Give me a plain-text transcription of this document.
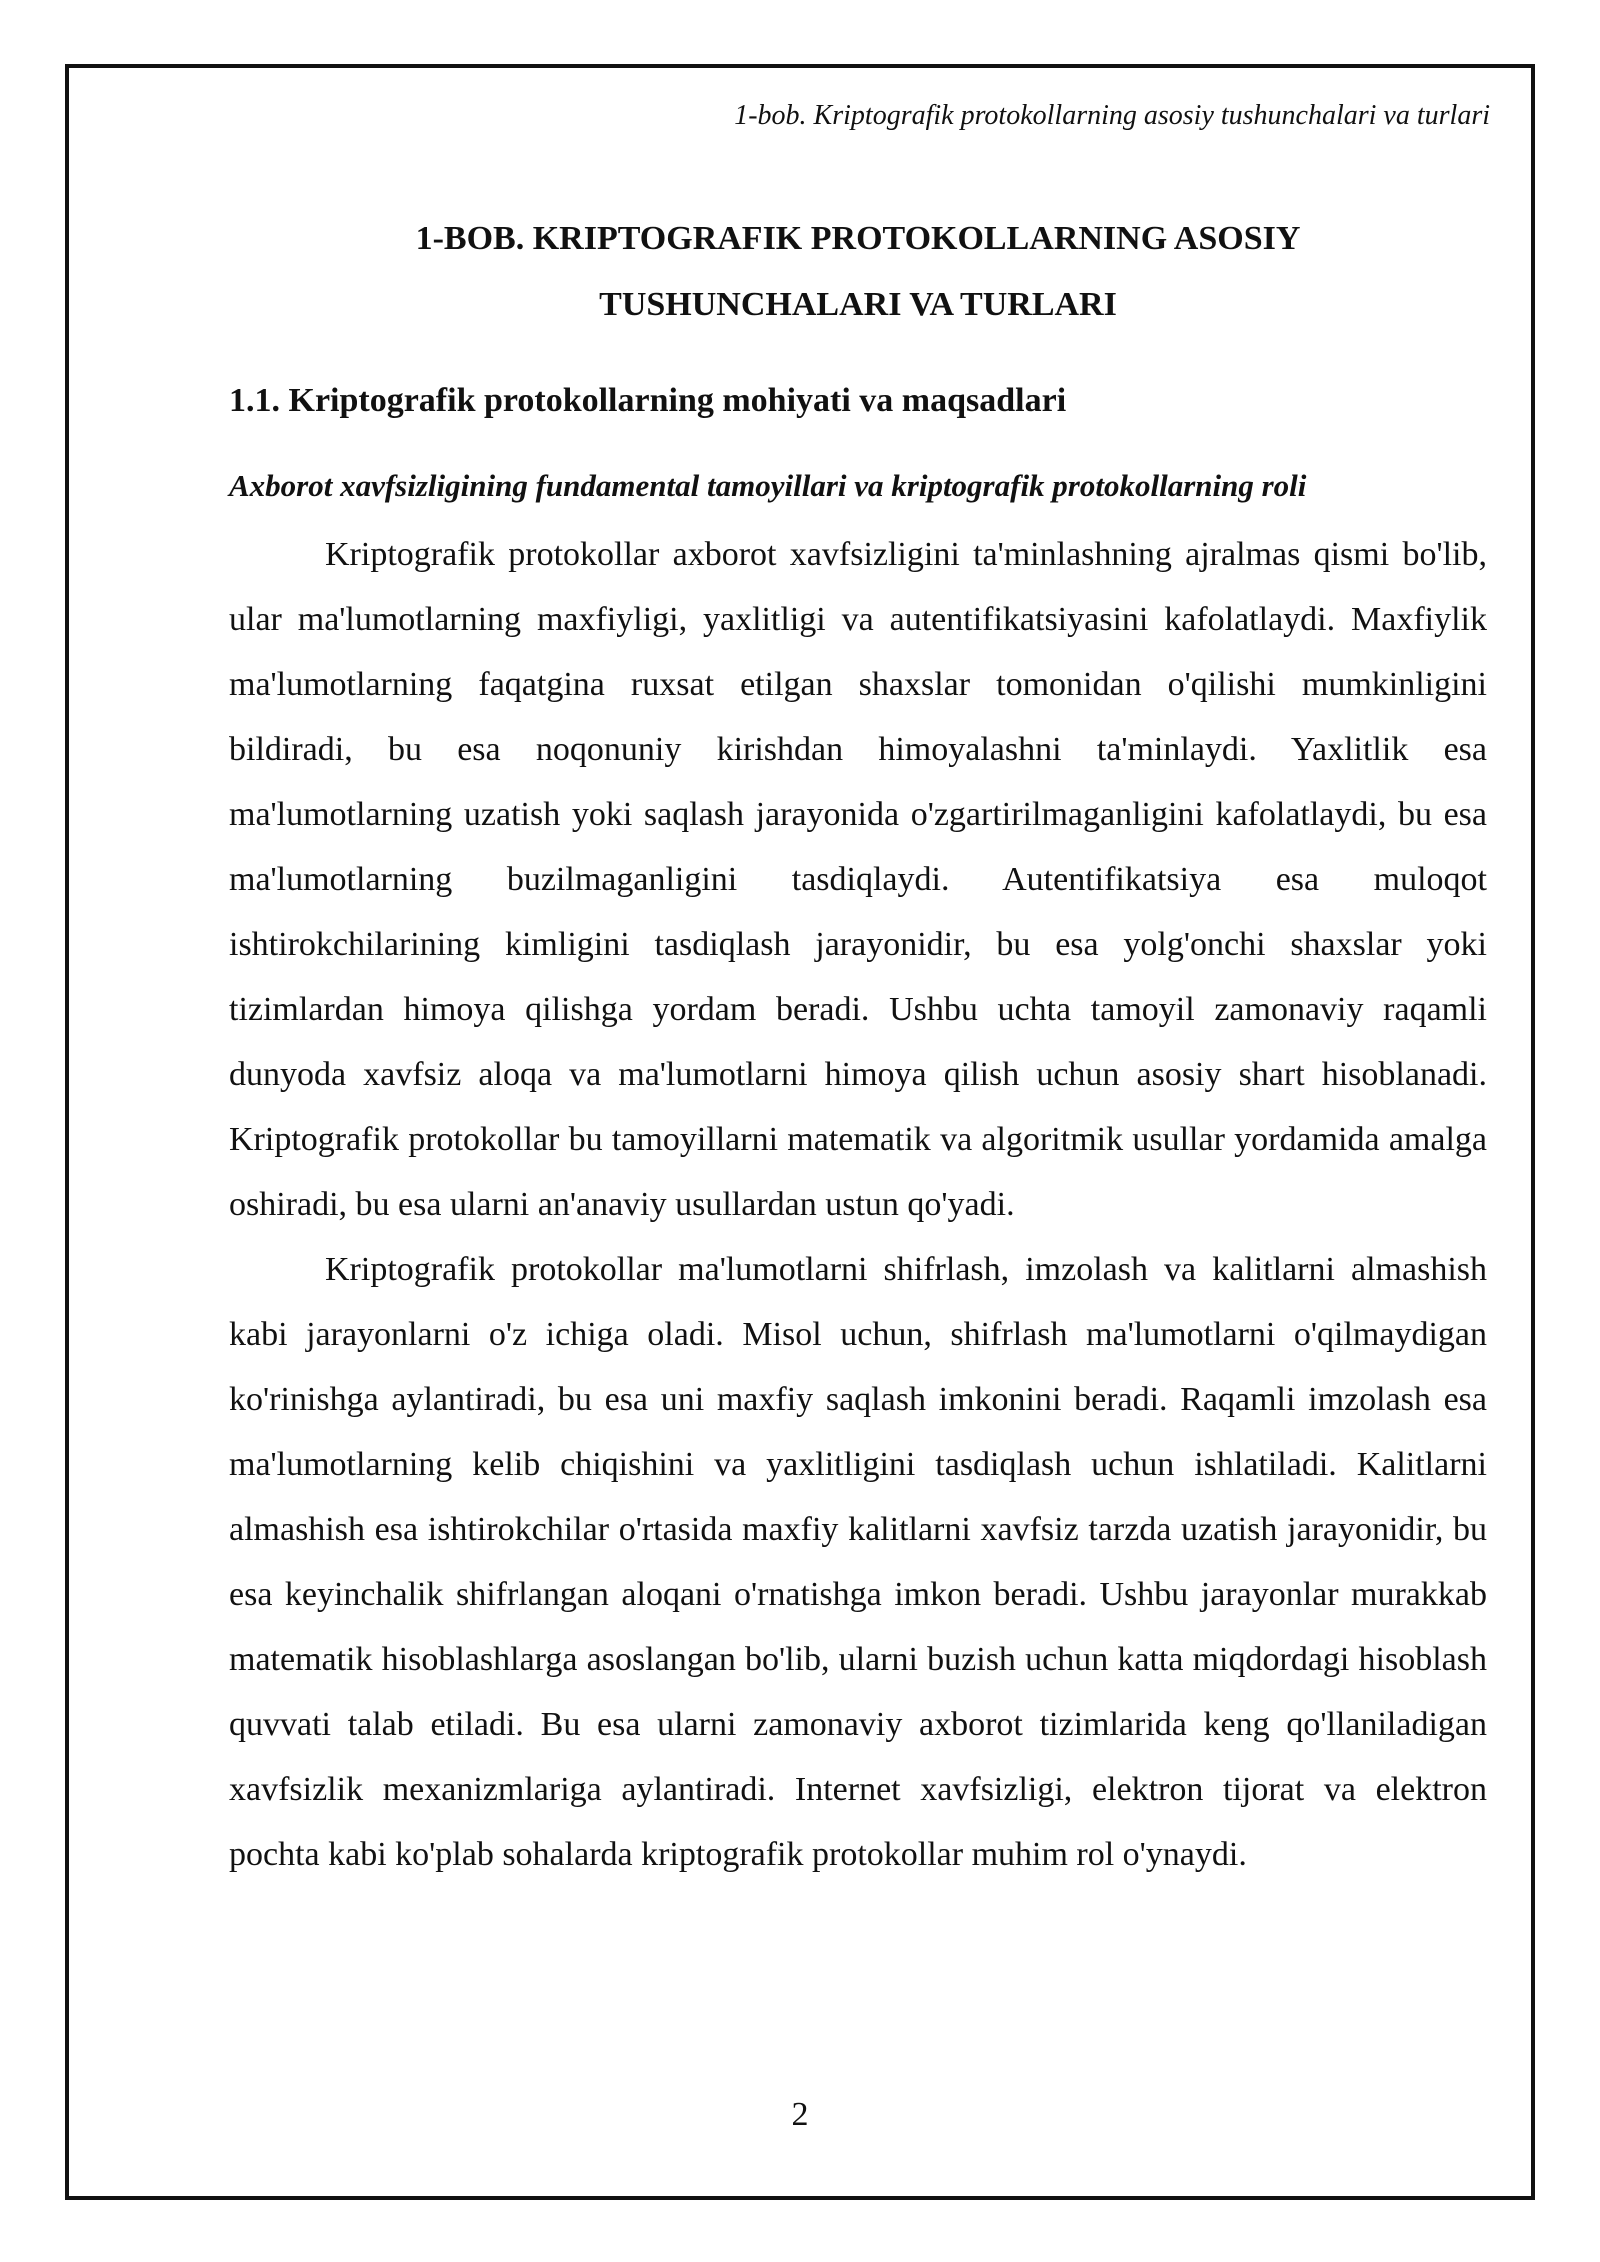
1-bob. Kriptografik protokollarning asosiy tushunchalari va turlari
1-BOB. KRIPTOGRAFIK PROTOKOLLARNING ASOSIY
TUSHUNCHALARI VA TURLARI
1.1. Kriptografik protokollarning mohiyati va maqsadlari
Axborot xavfsizligining fundamental tamoyillari va kriptografik protokollarning roli

Kriptografik protokollar axborot xavfsizligini ta'minlashning ajralmas qismi bo'lib, ular ma'lumotlarning maxfiyligi, yaxlitligi va autentifikatsiyasini kafolatlaydi. Maxfiylik ma'lumotlarning faqatgina ruxsat etilgan shaxslar tomonidan o'qilishi mumkinligini bildiradi, bu esa noqonuniy kirishdan himoyalashni ta'minlaydi. Yaxlitlik esa ma'lumotlarning uzatish yoki saqlash jarayonida o'zgartirilmaganligini kafolatlaydi, bu esa ma'lumotlarning buzilmaganligini tasdiqlaydi. Autentifikatsiya esa muloqot ishtirokchilarining kimligini tasdiqlash jarayonidir, bu esa yolg'onchi shaxslar yoki tizimlardan himoya qilishga yordam beradi. Ushbu uchta tamoyil zamonaviy raqamli dunyoda xavfsiz aloqa va ma'lumotlarni himoya qilish uchun asosiy shart hisoblanadi. Kriptografik protokollar bu tamoyillarni matematik va algoritmik usullar yordamida amalga oshiradi, bu esa ularni an'anaviy usullardan ustun qo'yadi.

Kriptografik protokollar ma'lumotlarni shifrlash, imzolash va kalitlarni almashish kabi jarayonlarni o'z ichiga oladi. Misol uchun, shifrlash ma'lumotlarni o'qilmaydigan ko'rinishga aylantiradi, bu esa uni maxfiy saqlash imkonini beradi. Raqamli imzolash esa ma'lumotlarning kelib chiqishini va yaxlitligini tasdiqlash uchun ishlatiladi. Kalitlarni almashish esa ishtirokchilar o'rtasida maxfiy kalitlarni xavfsiz tarzda uzatish jarayonidir, bu esa keyinchalik shifrlangan aloqani o'rnatishga imkon beradi. Ushbu jarayonlar murakkab matematik hisoblashlarga asoslangan bo'lib, ularni buzish uchun katta miqdordagi hisoblash quvvati talab etiladi. Bu esa ularni zamonaviy axborot tizimlarida keng qo'llaniladigan xavfsizlik mexanizmlariga aylantiradi. Internet xavfsizligi, elektron tijorat va elektron pochta kabi ko'plab sohalarda kriptografik protokollar muhim rol o'ynaydi.

2
